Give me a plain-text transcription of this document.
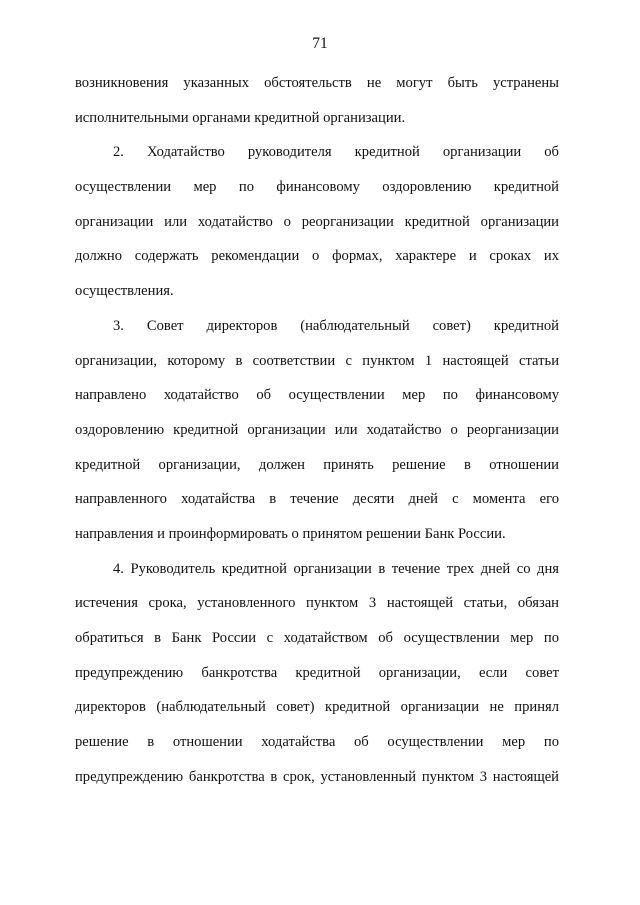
71
возникновения указанных обстоятельств не могут быть устранены
исполнительными органами кредитной организации.
2. Ходатайство руководителя кредитной организации об
осуществлении мер по финансовому оздоровлению кредитной
организации или ходатайство о реорганизации кредитной организации
должно содержать рекомендации о формах, характере и сроках их
осуществления.
3. Совет директоров (наблюдательный совет) кредитной
организации, которому в соответствии с пунктом 1 настоящей статьи
направлено ходатайство об осуществлении мер по финансовому
оздоровлению кредитной организации или ходатайство о реорганизации
кредитной организации, должен принять решение в отношении
направленного ходатайства в течение десяти дней с момента его
направления и проинформировать о принятом решении Банк России.
4. Руководитель кредитной организации в течение трех дней со дня
истечения срока, установленного пунктом 3 настоящей статьи, обязан
обратиться в Банк России с ходатайством об осуществлении мер по
предупреждению банкротства кредитной организации, если совет
директоров (наблюдательный совет) кредитной организации не принял
решение в отношении ходатайства об осуществлении мер по
предупреждению банкротства в срок, установленный пунктом 3 настоящей
